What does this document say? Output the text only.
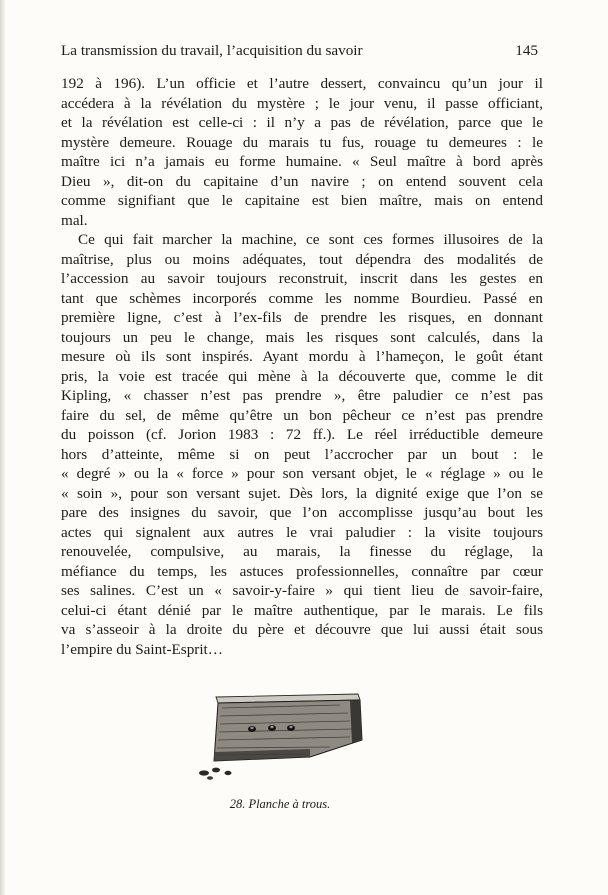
La transmission du travail, l’acquisition du savoir	145
192 à 196). L’un officie et l’autre dessert, convaincu qu’un jour il
accédera à la révélation du mystère ; le jour venu, il passe officiant,
et la révélation est celle-ci : il n’y a pas de révélation, parce que le
mystère demeure. Rouage du marais tu fus, rouage tu demeures : le
maître ici n’a jamais eu forme humaine. « Seul maître à bord après
Dieu », dit-on du capitaine d’un navire ; on entend souvent cela
comme signifiant que le capitaine est bien maître, mais on entend
mal.
Ce qui fait marcher la machine, ce sont ces formes illusoires de la
maîtrise, plus ou moins adéquates, tout dépendra des modalités de
l’accession au savoir toujours reconstruit, inscrit dans les gestes en
tant que schèmes incorporés comme les nomme Bourdieu. Passé en
première ligne, c’est à l’ex-fils de prendre les risques, en donnant
toujours un peu le change, mais les risques sont calculés, dans la
mesure où ils sont inspirés. Ayant mordu à l’hameçon, le goût étant
pris, la voie est tracée qui mène à la découverte que, comme le dit
Kipling, « chasser n’est pas prendre », être paludier ce n’est pas
faire du sel, de même qu’être un bon pêcheur ce n’est pas prendre
du poisson (cf. Jorion 1983 : 72 ff.). Le réel irréductible demeure
hors d’atteinte, même si on peut l’accrocher par un bout : le
« degré » ou la « force » pour son versant objet, le « réglage » ou le
« soin », pour son versant sujet. Dès lors, la dignité exige que l’on se
pare des insignes du savoir, que l’on accomplisse jusqu’au bout les
actes qui signalent aux autres le vrai paludier : la visite toujours
renouvelée, compulsive, au marais, la finesse du réglage, la
méfiance du temps, les astuces professionnelles, connaître par cœur
ses salines. C’est un « savoir-y-faire » qui tient lieu de savoir-faire,
celui-ci étant dénié par le maître authentique, par le marais. Le fils
va s’asseoir à la droite du père et découvre que lui aussi était sous
l’empire du Saint-Esprit…
28. Planche à trous.
